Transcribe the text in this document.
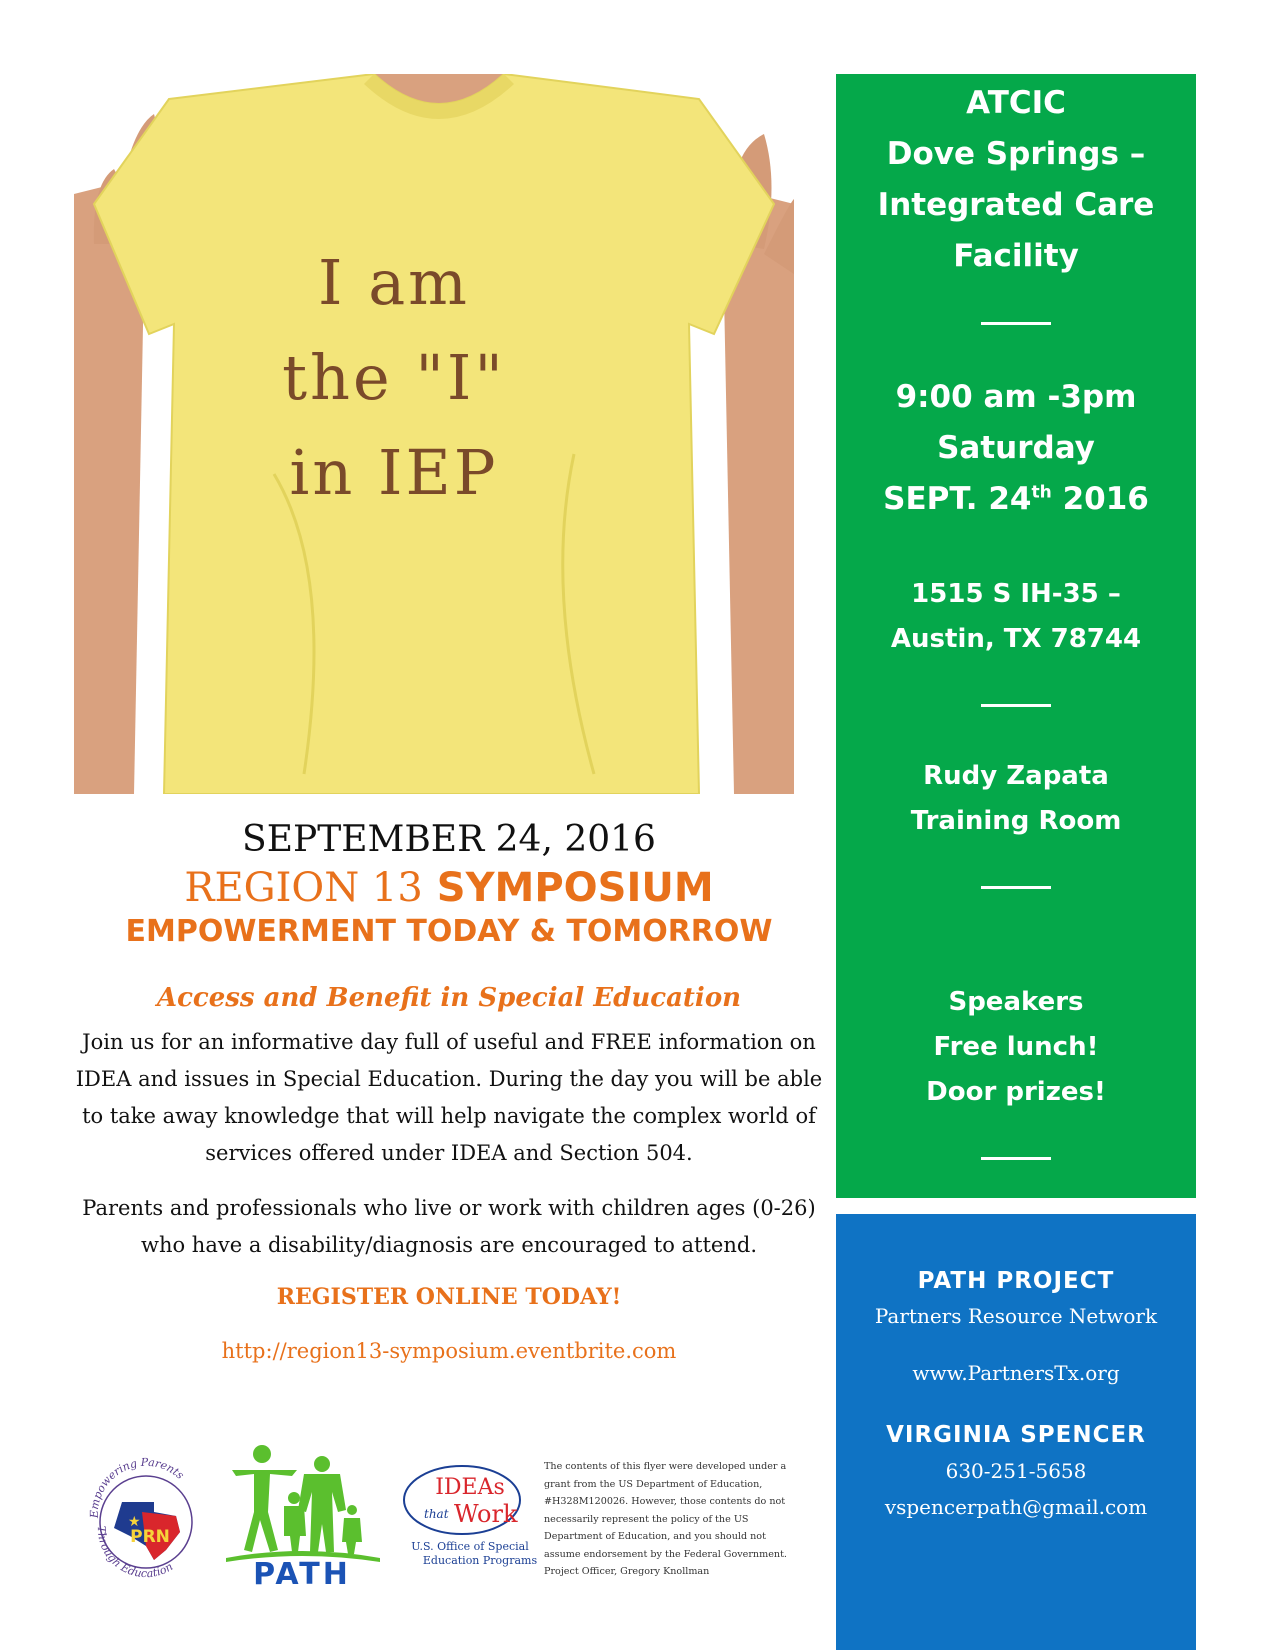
I am
the "I"
in IEP
SEPTEMBER 24, 2016
REGION 13 SYMPOSIUM
EMPOWERMENT TODAY & TOMORROW
Access and Benefit in Special Education

Join us for an informative day full of useful and FREE information on IDEA and issues in Special Education. During the day you will be able to take away knowledge that will help navigate the complex world of services offered under IDEA and Section 504.

Parents and professionals who live or work with children ages (0-26) who have a disability/diagnosis are encouraged to attend.

REGISTER ONLINE TODAY!
http://region13-symposium.eventbrite.com
Empowering Parents
Through Education
PRN
★
PATH
IDEAs
that Work
U.S. Office of Special
Education Programs
The contents of this flyer were developed under a grant from the US Department of Education, #H328M120026. However, those contents do not necessarily represent the policy of the US Department of Education, and you should not assume endorsement by the Federal Government. Project Officer, Gregory Knollman
ATCIC
Dove Springs –
Integrated Care
Facility
9:00 am -3pm
Saturday
SEPT. 24th 2016
1515 S IH-35 –
Austin, TX 78744
Rudy Zapata
Training Room
Speakers
Free lunch!
Door prizes!
PATH PROJECT
Partners Resource Network
www.PartnersTx.org
VIRGINIA SPENCER
630-251-5658
vspencerpath@gmail.com
